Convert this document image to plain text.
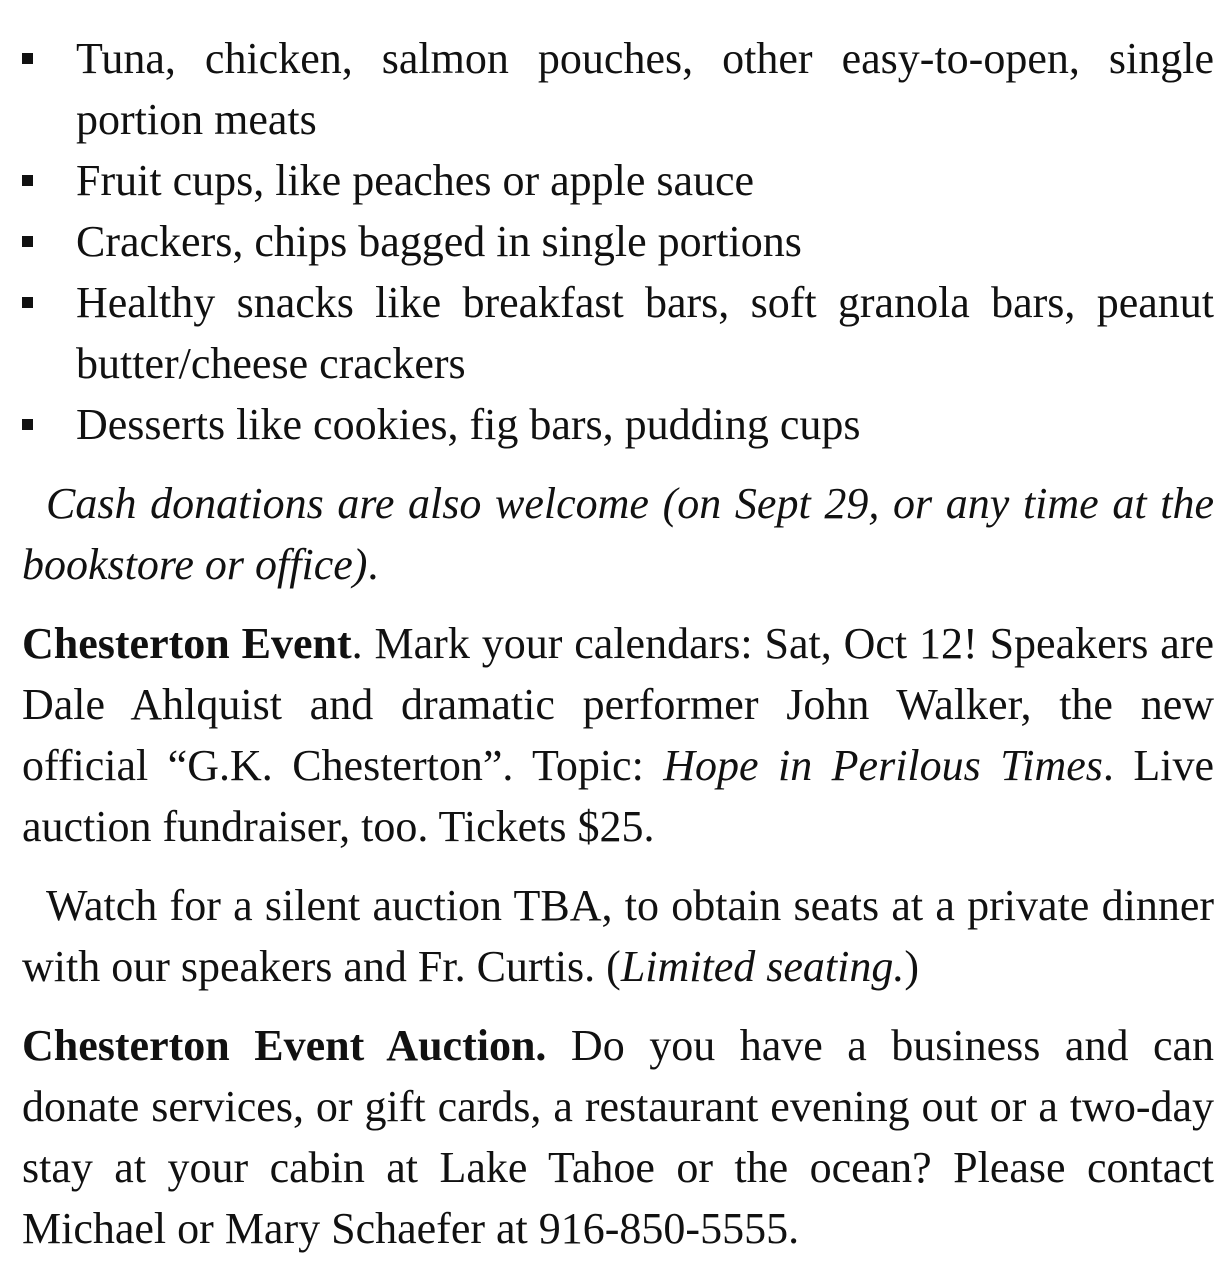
Tuna, chicken, salmon pouches, other easy-to-open, single portion meats
Fruit cups, like peaches or apple sauce
Crackers, chips bagged in single portions
Healthy snacks like breakfast bars, soft granola bars, peanut butter/cheese crackers
Desserts like cookies, fig bars, pudding cups

Cash donations are also welcome (on Sept 29, or any time at the bookstore or office).

Chesterton Event. Mark your calendars: Sat, Oct 12! Speakers are Dale Ahlquist and dramatic performer John Walker, the new official “G.K. Chesterton”. Topic: Hope in Perilous Times. Live auction fundraiser, too. Tickets $25.

Watch for a silent auction TBA, to obtain seats at a private dinner with our speakers and Fr. Curtis. (Limited seating.)

Chesterton Event Auction. Do you have a business and can donate services, or gift cards, a restaurant evening out or a two-day stay at your cabin at Lake Tahoe or the ocean? Please contact Michael or Mary Schaefer at 916-850-5555.
